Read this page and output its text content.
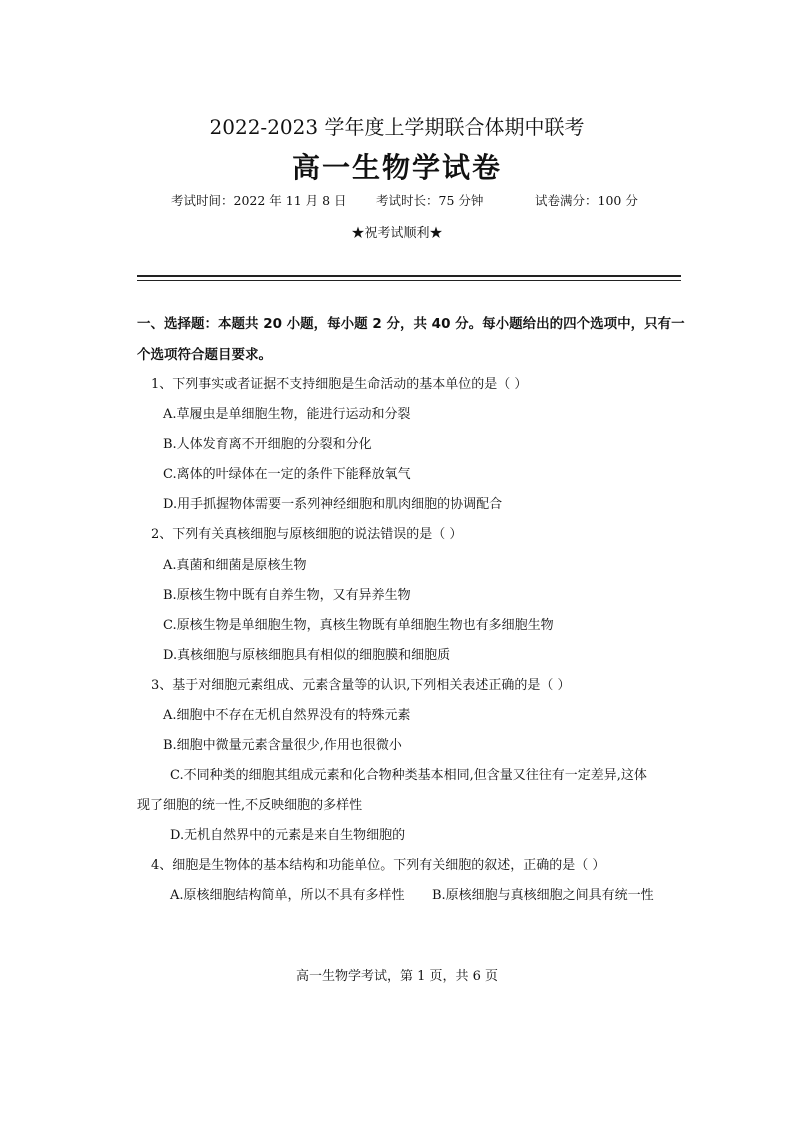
2022-2023 学年度上学期联合体期中联考
高一生物学试卷
考试时间：2022 年 11 月 8 日 考试时长：75 分钟	试卷满分：100 分
★祝考试顺利★
一、选择题：本题共 20 小题，每小题 2 分，共 40 分。每小题给出的四个选项中，只有一
个选项符合题目要求。
1、下列事实或者证据不支持细胞是生命活动的基本单位的是（ ）
A.草履虫是单细胞生物，能进行运动和分裂
B.人体发育离不开细胞的分裂和分化
C.离体的叶绿体在一定的条件下能释放氧气
D.用手抓握物体需要一系列神经细胞和肌肉细胞的协调配合
2、下列有关真核细胞与原核细胞的说法错误的是（ ）
A.真菌和细菌是原核生物
B.原核生物中既有自养生物，又有异养生物
C.原核生物是单细胞生物，真核生物既有单细胞生物也有多细胞生物
D.真核细胞与原核细胞具有相似的细胞膜和细胞质
3、基于对细胞元素组成、元素含量等的认识,下列相关表述正确的是（ ）
A.细胞中不存在无机自然界没有的特殊元素
B.细胞中微量元素含量很少,作用也很微小
C.不同种类的细胞其组成元素和化合物种类基本相同,但含量又往往有一定差异,这体
现了细胞的统一性,不反映细胞的多样性
D.无机自然界中的元素是来自生物细胞的
4、细胞是生物体的基本结构和功能单位。下列有关细胞的叙述，正确的是（ ）
A.原核细胞结构简单，所以不具有多样性 B.原核细胞与真核细胞之间具有统一性
高一生物学考试，第 1 页，共 6 页
